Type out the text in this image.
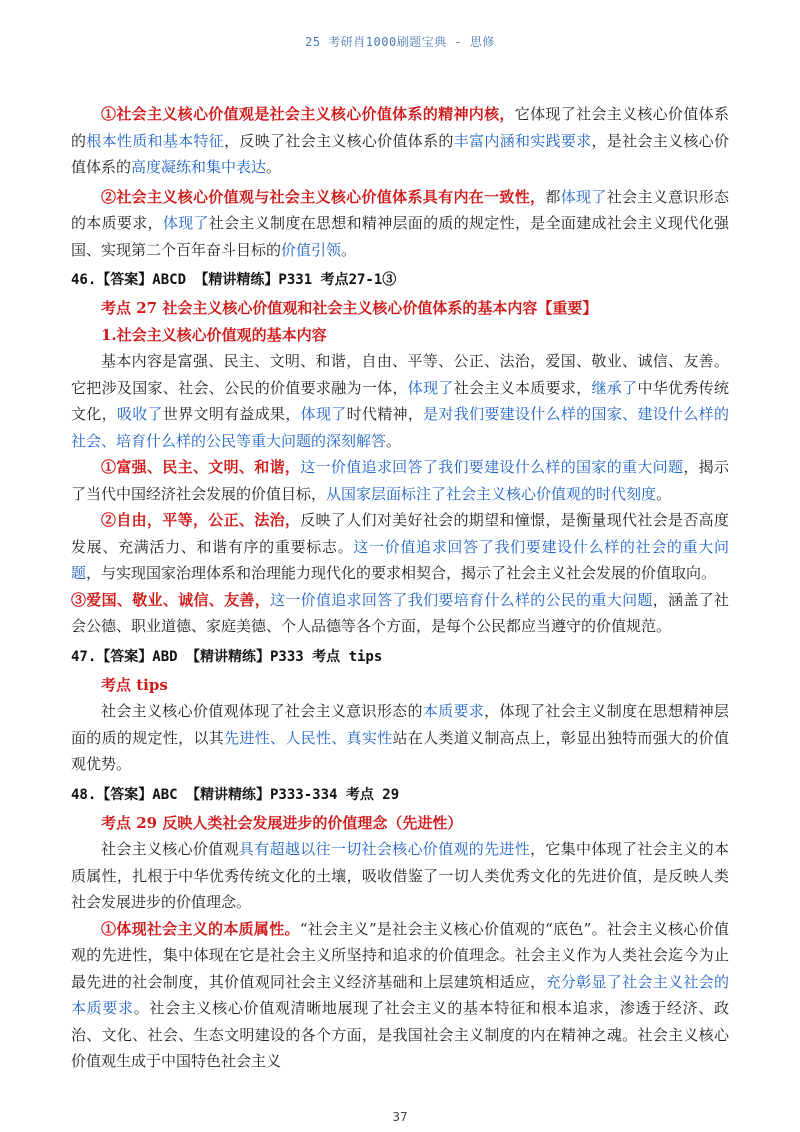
25 考研肖1000刷题宝典 - 思修

①社会主义核心价值观是社会主义核心价值体系的精神内核，它体现了社会主义核心价值体系的根本性质和基本特征，反映了社会主义核心价值体系的丰富内涵和实践要求，是社会主义核心价值体系的高度凝练和集中表达。

②社会主义核心价值观与社会主义核心价值体系具有内在一致性，都体现了社会主义意识形态的本质要求，体现了社会主义制度在思想和精神层面的质的规定性，是全面建成社会主义现代化强国、实现第二个百年奋斗目标的价值引领。

46.【答案】ABCD 【精讲精练】P331 考点27-1③

考点 27 社会主义核心价值观和社会主义核心价值体系的基本内容【重要】

1.社会主义核心价值观的基本内容

基本内容是富强、民主、文明、和谐，自由、平等、公正、法治，爱国、敬业、诚信、友善。它把涉及国家、社会、公民的价值要求融为一体，体现了社会主义本质要求，继承了中华优秀传统文化，吸收了世界文明有益成果，体现了时代精神，是对我们要建设什么样的国家、建设什么样的社会、培育什么样的公民等重大问题的深刻解答。

①富强、民主、文明、和谐，这一价值追求回答了我们要建设什么样的国家的重大问题，揭示了当代中国经济社会发展的价值目标，从国家层面标注了社会主义核心价值观的时代刻度。

②自由，平等，公正、法治，反映了人们对美好社会的期望和憧憬，是衡量现代社会是否高度发展、充满活力、和谐有序的重要标志。这一价值追求回答了我们要建设什么样的社会的重大问题，与实现国家治理体系和治理能力现代化的要求相契合，揭示了社会主义社会发展的价值取向。

③爱国、敬业、诚信、友善，这一价值追求回答了我们要培育什么样的公民的重大问题，涵盖了社会公德、职业道德、家庭美德、个人品德等各个方面，是每个公民都应当遵守的价值规范。

47.【答案】ABD 【精讲精练】P333 考点 tips

考点 tips

社会主义核心价值观体现了社会主义意识形态的本质要求，体现了社会主义制度在思想精神层面的质的规定性，以其先进性、人民性、真实性站在人类道义制高点上，彰显出独特而强大的价值观优势。

48.【答案】ABC 【精讲精练】P333-334 考点 29

考点 29 反映人类社会发展进步的价值理念（先进性）

社会主义核心价值观具有超越以往一切社会核心价值观的先进性，它集中体现了社会主义的本质属性，扎根于中华优秀传统文化的土壤，吸收借鉴了一切人类优秀文化的先进价值，是反映人类社会发展进步的价值理念。

①体现社会主义的本质属性。“社会主义”是社会主义核心价值观的“底色”。社会主义核心价值观的先进性，集中体现在它是社会主义所坚持和追求的价值理念。社会主义作为人类社会迄今为止最先进的社会制度，其价值观同社会主义经济基础和上层建筑相适应，充分彰显了社会主义社会的本质要求。社会主义核心价值观清晰地展现了社会主义的基本特征和根本追求，渗透于经济、政治、文化、社会、生态文明建设的各个方面，是我国社会主义制度的内在精神之魂。社会主义核心价值观生成于中国特色社会主义

37
